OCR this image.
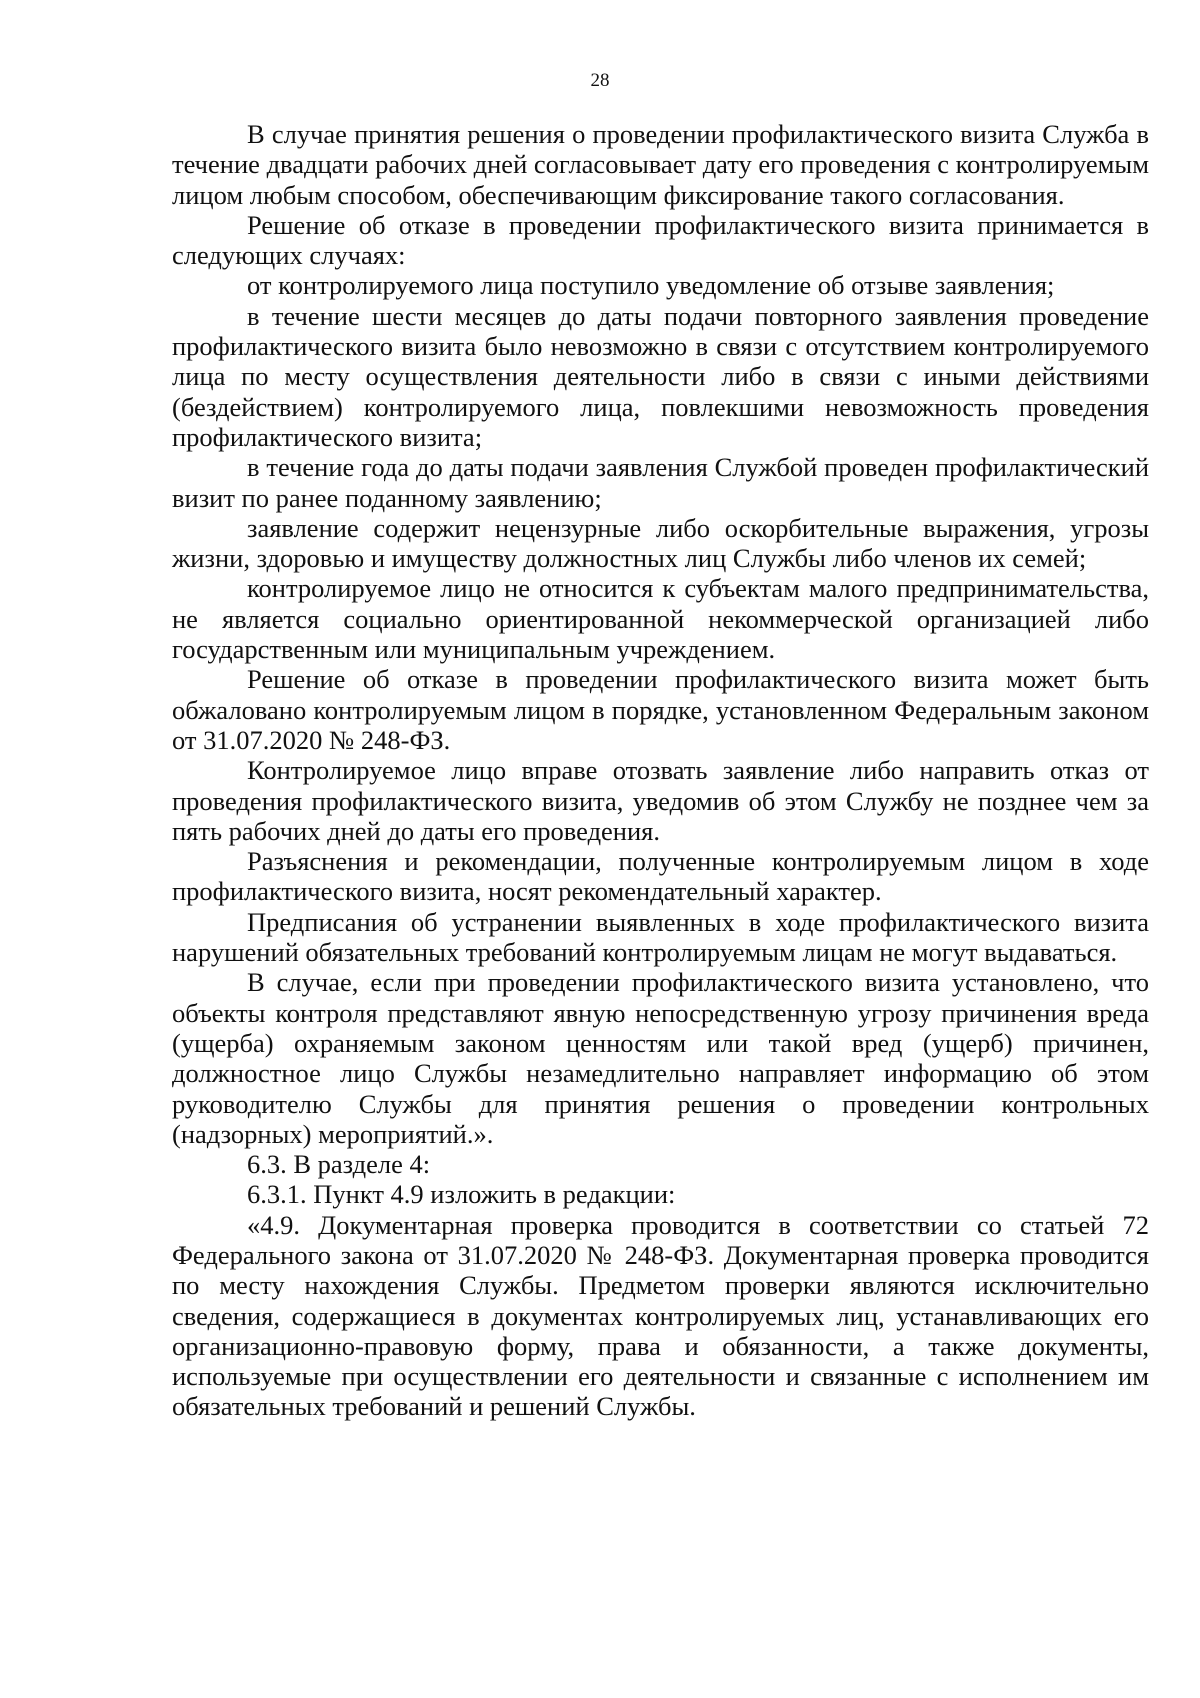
28

В случае принятия решения о проведении профилактического визита Служба в течение двадцати рабочих дней согласовывает дату его проведения с контролируемым лицом любым способом, обеспечивающим фиксирование такого согласования.

Решение об отказе в проведении профилактического визита принимается в следующих случаях:

от контролируемого лица поступило уведомление об отзыве заявления;

в течение шести месяцев до даты подачи повторного заявления проведение профилактического визита было невозможно в связи с отсутствием контролируемого лица по месту осуществления деятельности либо в связи с иными действиями (бездействием) контролируемого лица, повлекшими невозможность проведения профилактического визита;

в течение года до даты подачи заявления Службой проведен профилактический визит по ранее поданному заявлению;

заявление содержит нецензурные либо оскорбительные выражения, угрозы жизни, здоровью и имуществу должностных лиц Службы либо членов их семей;

контролируемое лицо не относится к субъектам малого предпринимательства, не является социально ориентированной некоммерческой организацией либо государственным или муниципальным учреждением.

Решение об отказе в проведении профилактического визита может быть обжаловано контролируемым лицом в порядке, установленном Федеральным законом от 31.07.2020 № 248-ФЗ.

Контролируемое лицо вправе отозвать заявление либо направить отказ от проведения профилактического визита, уведомив об этом Службу не позднее чем за пять рабочих дней до даты его проведения.

Разъяснения и рекомендации, полученные контролируемым лицом в ходе профилактического визита, носят рекомендательный характер.

Предписания об устранении выявленных в ходе профилактического визита нарушений обязательных требований контролируемым лицам не могут выдаваться.

В случае, если при проведении профилактического визита установлено, что объекты контроля представляют явную непосредственную угрозу причинения вреда (ущерба) охраняемым законом ценностям или такой вред (ущерб) причинен, должностное лицо Службы незамедлительно направляет информацию об этом руководителю Службы для принятия решения о проведении контрольных (надзорных) мероприятий.».

6.3. В разделе 4:

6.3.1. Пункт 4.9 изложить в редакции:

«4.9. Документарная проверка проводится в соответствии со статьей 72 Федерального закона от 31.07.2020 № 248-ФЗ. Документарная проверка проводится по месту нахождения Службы. Предметом проверки являются исключительно сведения, содержащиеся в документах контролируемых лиц, устанавливающих его организационно-правовую форму, права и обязанности, а также документы, используемые при осуществлении его деятельности и связанные с исполнением им обязательных требований и решений Службы.
